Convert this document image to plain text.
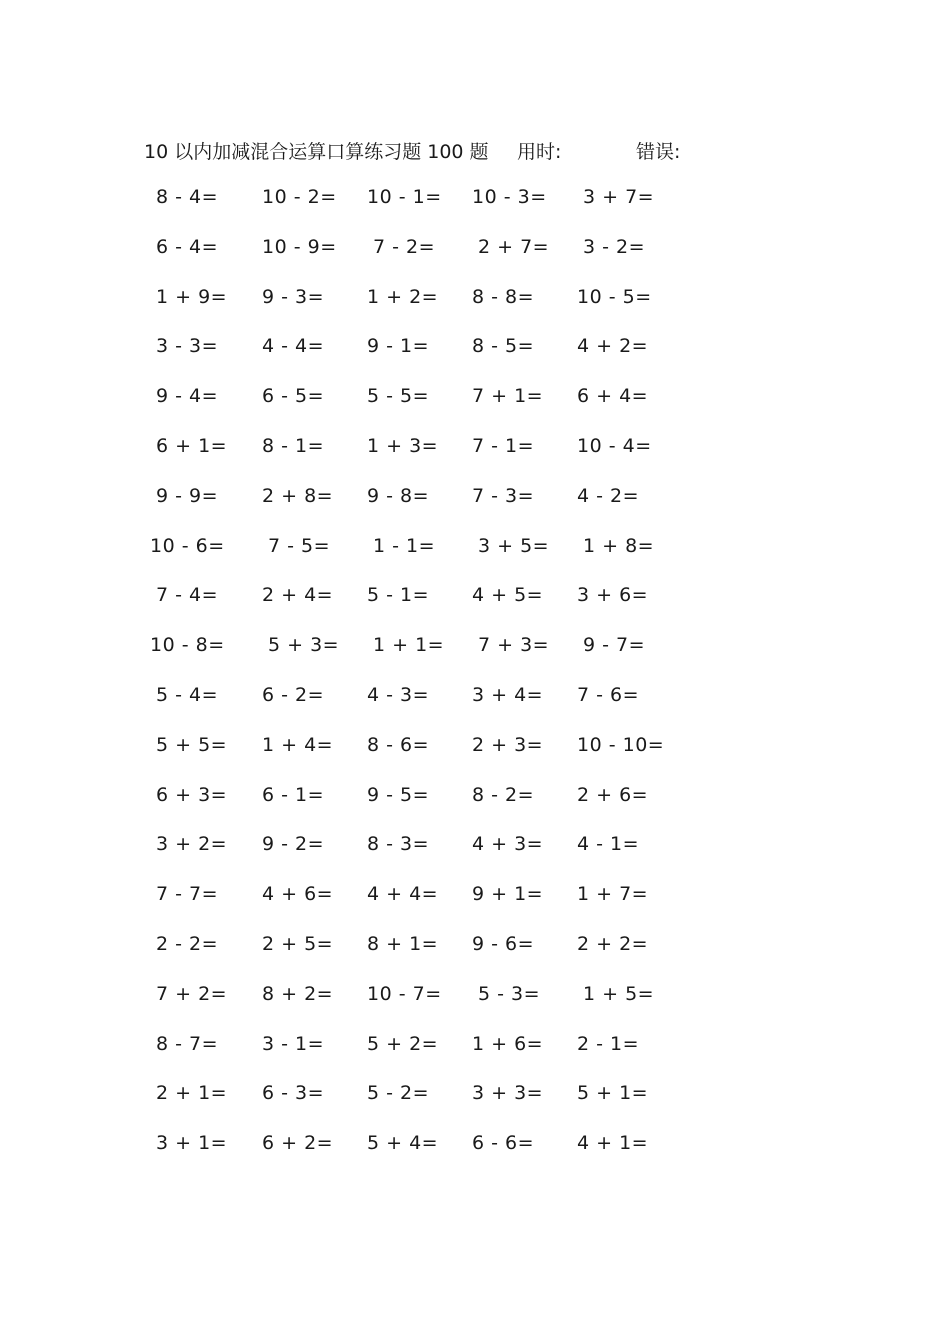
10 以内加减混合运算口算练习题 100 题 用时:	错误:
8 - 4= 10 - 2= 10 - 1= 10 - 3= 3 + 7=
6 - 4= 10 - 9= 7 - 2= 2 + 7= 3 - 2=
1 + 9= 9 - 3= 1 + 2= 8 - 8= 10 - 5=
3 - 3= 4 - 4= 9 - 1= 8 - 5= 4 + 2=
9 - 4= 6 - 5= 5 - 5= 7 + 1= 6 + 4=
6 + 1= 8 - 1= 1 + 3= 7 - 1= 10 - 4=
9 - 9= 2 + 8= 9 - 8= 7 - 3= 4 - 2=
10 - 6= 7 - 5= 1 - 1= 3 + 5= 1 + 8=
7 - 4= 2 + 4= 5 - 1= 4 + 5= 3 + 6=
10 - 8= 5 + 3= 1 + 1= 7 + 3= 9 - 7=
5 - 4= 6 - 2= 4 - 3= 3 + 4= 7 - 6=
5 + 5= 1 + 4= 8 - 6= 2 + 3= 10 - 10=
6 + 3= 6 - 1= 9 - 5= 8 - 2= 2 + 6=
3 + 2= 9 - 2= 8 - 3= 4 + 3= 4 - 1=
7 - 7= 4 + 6= 4 + 4= 9 + 1= 1 + 7=
2 - 2= 2 + 5= 8 + 1= 9 - 6= 2 + 2=
7 + 2= 8 + 2= 10 - 7= 5 - 3= 1 + 5=
8 - 7= 3 - 1= 5 + 2= 1 + 6= 2 - 1=
2 + 1= 6 - 3= 5 - 2= 3 + 3= 5 + 1=
3 + 1= 6 + 2= 5 + 4= 6 - 6= 4 + 1=
